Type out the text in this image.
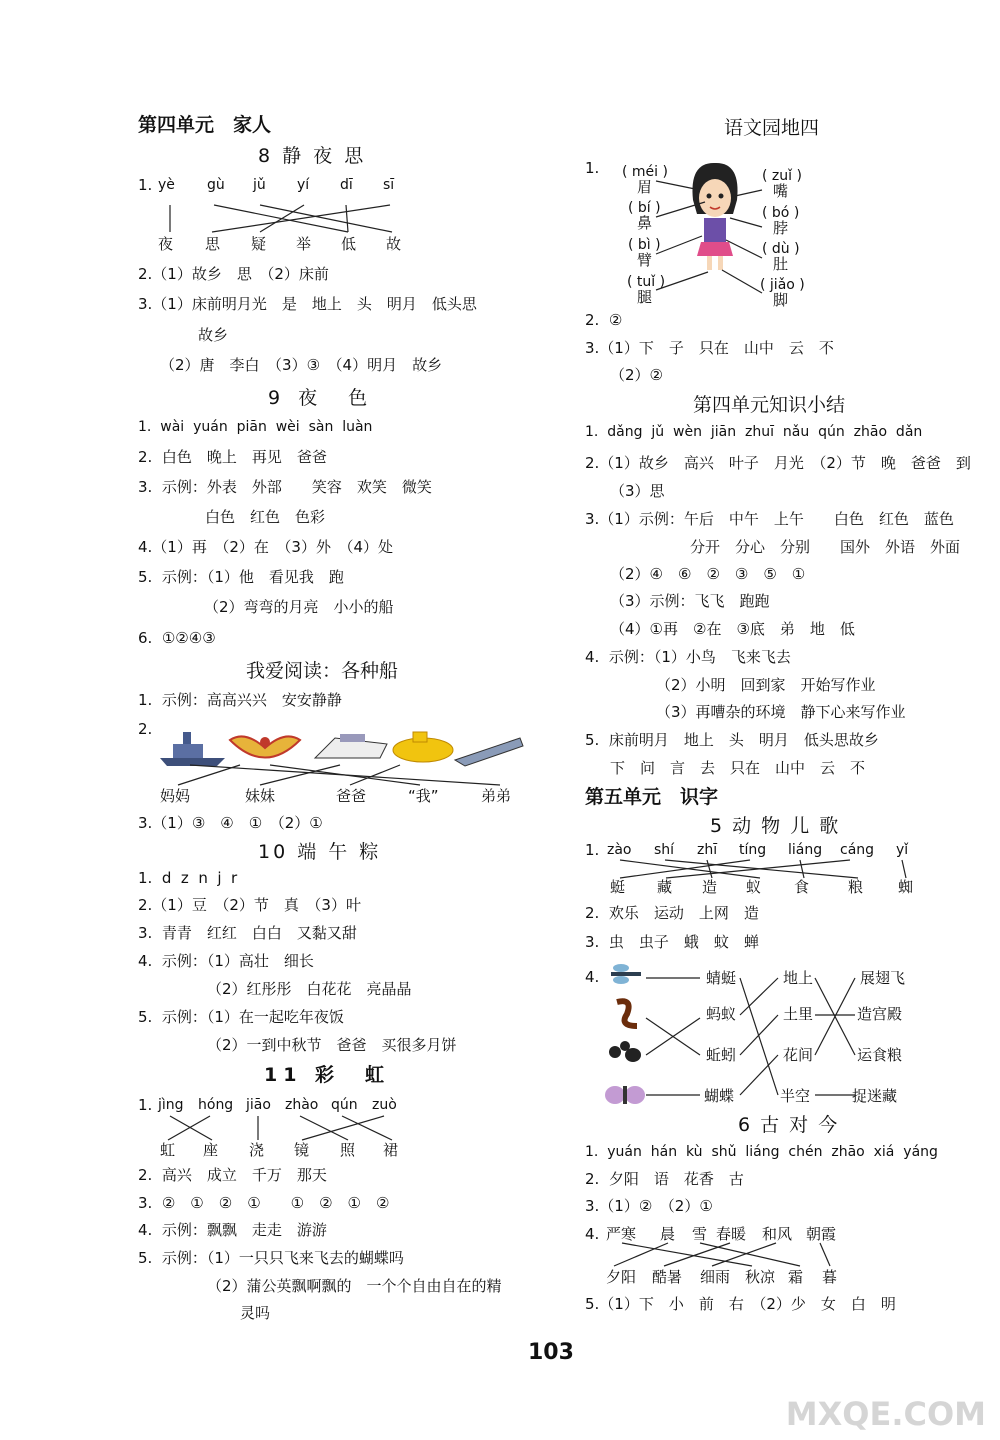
第四单元　家人
8 静 夜 思
1. yè gù jǔ yí dī sī
夜 思 疑 举 低 故
2.（1）故乡　思　（2）床前
3.（1）床前明月光　是　地上　头　明月　低头思
故乡
（2）唐　李白　（3）③　（4）明月　故乡
9 夜　色
1.  wài  yuán  piān  wèi  sàn  luàn
2.  白色　晚上　再见　爸爸
3.  示例：外表　外部　　笑容　欢笑　微笑
白色　红色　色彩
4.（1）再　（2）在　（3）外　（4）处
5.  示例：（1）他　看见我　跑
（2）弯弯的月亮　小小的船
6.  ①②④③
我爱阅读：各种船
1.  示例：高高兴兴　安安静静
2.
妈妈	妹妹	爸爸	“我”	弟弟
3.（1）③　④　①　（2）①
10 端 午 粽
1.  d  z  n  j  r
2.（1）豆　（2）节　真　（3）叶
3.  青青　红红　白白　又黏又甜
4.  示例：（1）高壮　细长
（2）红彤彤　白花花　亮晶晶
5.  示例：（1）在一起吃年夜饭
（2）一到中秋节　爸爸　买很多月饼
11 彩　虹
1. jìng hóng jiāo zhào qún zuò
虹 座 浇 镜 照 裙
2.  高兴　成立　千万　那天
3.  ②　①　②　①　　①　②　①　②
4.  示例：飘飘　走走　游游
5.  示例：（1）一只只飞来飞去的蝴蝶吗
（2）蒲公英飘啊飘的　一个个自由自在的精
灵吗
语文园地四
1. ( méi )
眉
( bí )
鼻
( bì )
臂
( tuǐ )
腿
( zuǐ )
嘴
( bó )
脖
( dù )
肚
( jiǎo )
脚
2.  ②
3.（1）下　子　只在　山中　云　不
（2）②
第四单元知识小结
1.  dǎng  jǔ  wèn  jiān  zhuī  nǎu  qún  zhāo  dǎn
2.（1）故乡　高兴　叶子　月光　（2）节　晚　爸爸　到
（3）思
3.（1）示例：午后　中午　上午　　白色　红色　蓝色
分开　分心　分别　　国外　外语　外面
（2）④　⑥　②　③　⑤　①
（3）示例：飞飞　跑跑
（4）①再　②在　③底　弟　地　低
4.  示例：（1）小鸟　飞来飞去
（2）小明　回到家　开始写作业
（3）再嘈杂的环境　静下心来写作业
5.  床前明月　地上　头　明月　低头思故乡
下　问　言　去　只在　山中　云　不
第五单元　识字
5 动 物 儿 歌
1. zào shí zhī tíng liáng cáng yǐ
蜓 藏 造 蚁 食	粮 蜘
2.  欢乐　运动　上网　造
3.  虫　虫子　蛾　蚊　蝉
4.	蜻蜓
蚂蚁
蚯蚓
蝴蝶
地上
土里
花间
半空
展翅飞
造宫殿
运食粮
捉迷藏
6 古 对 今
1.  yuán  hán  kù  shǔ  liáng  chén  zhāo  xiá  yáng
2.  夕阳　语　花香　古
3.（1）②　（2）①
4. 严寒 晨 雪 春暖 和风 朝霞
夕阳 酷暑 细雨 秋凉 霜 暮
5.（1）下　小　前　右　（2）少　女　白　明
103
MXQE.COM
